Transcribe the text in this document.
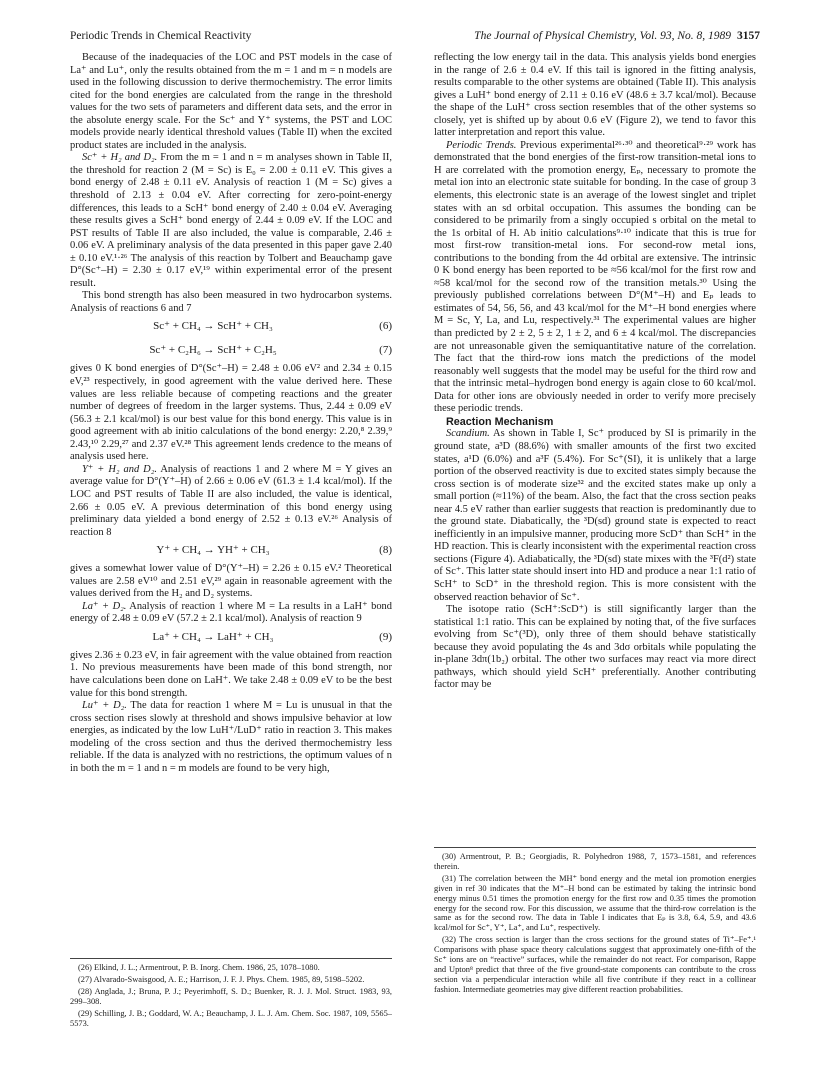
Periodic Trends in Chemical Reactivity	The Journal of Physical Chemistry, Vol. 93, No. 8, 1989 3157

Because of the inadequacies of the LOC and PST models in the case of La⁺ and Lu⁺, only the results obtained from the m = 1 and m = n models are used in the following discussion to derive thermochemistry. The error limits cited for the bond energies are calculated from the range in the threshold values for the two sets of parameters and different data sets, and the error in the absolute energy scale. For the Sc⁺ and Y⁺ systems, the PST and LOC models provide nearly identical threshold values (Table II) when the excited product states are included in the analysis.

Sc⁺ + H₂ and D₂. From the m = 1 and n = m analyses shown in Table II, the threshold for reaction 2 (M = Sc) is E₀ = 2.00 ± 0.11 eV. This gives a bond energy of 2.48 ± 0.11 eV. Analysis of reaction 1 (M = Sc) gives a threshold of 2.13 ± 0.04 eV. After correcting for zero-point-energy differences, this leads to a ScH⁺ bond energy of 2.40 ± 0.04 eV. Averaging these results gives a ScH⁺ bond energy of 2.44 ± 0.09 eV. If the LOC and PST results of Table II are also included, the value is comparable, 2.46 ± 0.06 eV. A preliminary analysis of the data presented in this paper gave 2.40 ± 0.10 eV.¹·²⁶ The analysis of this reaction by Tolbert and Beauchamp gave D°(Sc⁺–H) = 2.30 ± 0.17 eV,¹⁹ within experimental error of the present result.

This bond strength has also been measured in two hydrocarbon systems. Analysis of reactions 6 and 7

Sc⁺ + CH₄ → ScH⁺ + CH₃	(6)
Sc⁺ + C₂H₆ → ScH⁺ + C₂H₅	(7)

gives 0 K bond energies of D°(Sc⁺–H) = 2.48 ± 0.06 eV² and 2.34 ± 0.15 eV,²³ respectively, in good agreement with the value derived here. These values are less reliable because of competing reactions and the greater number of degrees of freedom in the larger systems. Thus, 2.44 ± 0.09 eV (56.3 ± 2.1 kcal/mol) is our best value for this bond energy. This value is in good agreement with ab initio calculations of the bond energy: 2.20,⁸ 2.39,⁹ 2.43,¹⁰ 2.29,²⁷ and 2.37 eV.²⁸ This agreement lends credence to the means of analysis used here.

Y⁺ + H₂ and D₂. Analysis of reactions 1 and 2 where M = Y gives an average value for D°(Y⁺–H) of 2.66 ± 0.06 eV (61.3 ± 1.4 kcal/mol). If the LOC and PST results of Table II are also included, the value is identical, 2.66 ± 0.05 eV. A previous determination of this bond energy using preliminary data yielded a bond energy of 2.52 ± 0.13 eV.²⁶ Analysis of reaction 8

Y⁺ + CH₄ → YH⁺ + CH₃	(8)

gives a somewhat lower value of D°(Y⁺–H) = 2.26 ± 0.15 eV.² Theoretical values are 2.58 eV¹⁰ and 2.51 eV,²⁹ again in reasonable agreement with the values derived from the H₂ and D₂ systems.

La⁺ + D₂. Analysis of reaction 1 where M = La results in a LaH⁺ bond energy of 2.48 ± 0.09 eV (57.2 ± 2.1 kcal/mol). Analysis of reaction 9

La⁺ + CH₄ → LaH⁺ + CH₃	(9)

gives 2.36 ± 0.23 eV, in fair agreement with the value obtained from reaction 1. No previous measurements have been made of this bond strength, nor have calculations been done on LaH⁺. We take 2.48 ± 0.09 eV to be the best value for this bond strength.

Lu⁺ + D₂. The data for reaction 1 where M = Lu is unusual in that the cross section rises slowly at threshold and shows impulsive behavior at low energies, as indicated by the low LuH⁺/LuD⁺ ratio in reaction 3. This makes modeling of the cross section and thus the derived thermochemistry less reliable. If the data is analyzed with no restrictions, the optimum values of n in both the m = 1 and n = m models are found to be very high,

reflecting the low energy tail in the data. This analysis yields bond energies in the range of 2.6 ± 0.4 eV. If this tail is ignored in the fitting analysis, results comparable to the other systems are obtained (Table II). This analysis gives a LuH⁺ bond energy of 2.11 ± 0.16 eV (48.6 ± 3.7 kcal/mol). Because the shape of the LuH⁺ cross section resembles that of the other systems so closely, yet is shifted up by about 0.6 eV (Figure 2), we tend to favor this latter interpretation and report this value.

Periodic Trends. Previous experimental²⁶·³⁰ and theoretical⁹·²⁹ work has demonstrated that the bond energies of the first-row transition-metal ions to H are correlated with the promotion energy, Eₚ, necessary to promote the metal ion into an electronic state suitable for bonding. In the case of group 3 elements, this electronic state is an average of the lowest singlet and triplet states with an sd orbital occupation. This assumes the bonding can be considered to be primarily from a singly occupied s orbital on the metal to the 1s orbital of H. Ab initio calculations⁹·¹⁰ indicate that this is true for most first-row transition-metal ions. For second-row metal ions, contributions to the bonding from the 4d orbital are extensive. The intrinsic 0 K bond energy has been reported to be ≈56 kcal/mol for the first row and ≈58 kcal/mol for the second row of the transition metals.³⁰ Using the previously published correlations between D°(M⁺–H) and Eₚ leads to estimates of 54, 56, 56, and 43 kcal/mol for the M⁺–H bond energies where M = Sc, Y, La, and Lu, respectively.³¹ The experimental values are higher than predicted by 2 ± 2, 5 ± 2, 1 ± 2, and 6 ± 4 kcal/mol. The discrepancies are not unreasonable given the semiquantitative nature of the correlation. The fact that the third-row ions match the predictions of the model reasonably well suggests that the model may be useful for the third row and that the intrinsic metal–hydrogen bond energy is again close to 60 kcal/mol. Data for other ions are obviously needed in order to verify more precisely these periodic trends.

Reaction Mechanism

Scandium. As shown in Table I, Sc⁺ produced by SI is primarily in the ground state, a³D (88.6%) with smaller amounts of the first two excited states, a¹D (6.0%) and a³F (5.4%). For Sc⁺(SI), it is unlikely that a large portion of the observed reactivity is due to excited states simply because the cross section is of moderate size³² and the excited states make up only a small portion (≈11%) of the beam. Also, the fact that the cross section peaks near 4.5 eV rather than earlier suggests that reaction is predominantly due to the ground state. Diabatically, the ³D(sd) ground state is expected to react inefficiently in an impulsive manner, producing more ScD⁺ than ScH⁺ in the HD reaction. This is clearly inconsistent with the experimental reaction cross sections (Figure 4). Adiabatically, the ³D(sd) state mixes with the ³F(d²) state of Sc⁺. This latter state should insert into HD and produce a near 1:1 ratio of ScH⁺ to ScD⁺ in the threshold region. This is more consistent with the observed reaction behavior of Sc⁺.

The isotope ratio (ScH⁺:ScD⁺) is still significantly larger than the statistical 1:1 ratio. This can be explained by noting that, of the five surfaces evolving from Sc⁺(³D), only three of them should behave statistically because they avoid populating the 4s and 3dσ orbitals while populating the in-plane 3dπ(1b₂) orbital. The other two surfaces may react via more direct pathways, which should yield ScH⁺ preferentially. Another contributing factor may be

(30) Armentrout, P. B.; Georgiadis, R. Polyhedron 1988, 7, 1573–1581, and references therein.

(31) The correlation between the MH⁺ bond energy and the metal ion promotion energies given in ref 30 indicates that the M⁺–H bond can be estimated by taking the intrinsic bond energy minus 0.51 times the promotion energy for the first row and 0.35 times the promotion energy for the second row. For this discussion, we assume that the third-row correlation is the same as for the second row. The data in Table I indicates that Eₚ is 3.8, 6.4, 5.9, and 43.6 kcal/mol for Sc⁺, Y⁺, La⁺, and Lu⁺, respectively.

(32) The cross section is larger than the cross sections for the ground states of Ti⁺–Fe⁺.¹ Comparisons with phase space theory calculations suggest that approximately one-fifth of the Sc⁺ ions are on “reactive” surfaces, while the remainder do not react. For comparison, Rappe and Upton⁸ predict that three of the five ground-state components can contribute to the cross section via a perpendicular interaction while all five contribute if they react in a collinear fashion. Intermediate geometries may give different reaction probabilities.

(26) Elkind, J. L.; Armentrout, P. B. Inorg. Chem. 1986, 25, 1078–1080.

(27) Alvarado-Swaisgood, A. E.; Harrison, J. F. J. Phys. Chem. 1985, 89, 5198–5202.

(28) Anglada, J.; Bruna, P. J.; Peyerimhoff, S. D.; Buenker, R. J. J. Mol. Struct. 1983, 93, 299–308.

(29) Schilling, J. B.; Goddard, W. A.; Beauchamp, J. L. J. Am. Chem. Soc. 1987, 109, 5565–5573.
